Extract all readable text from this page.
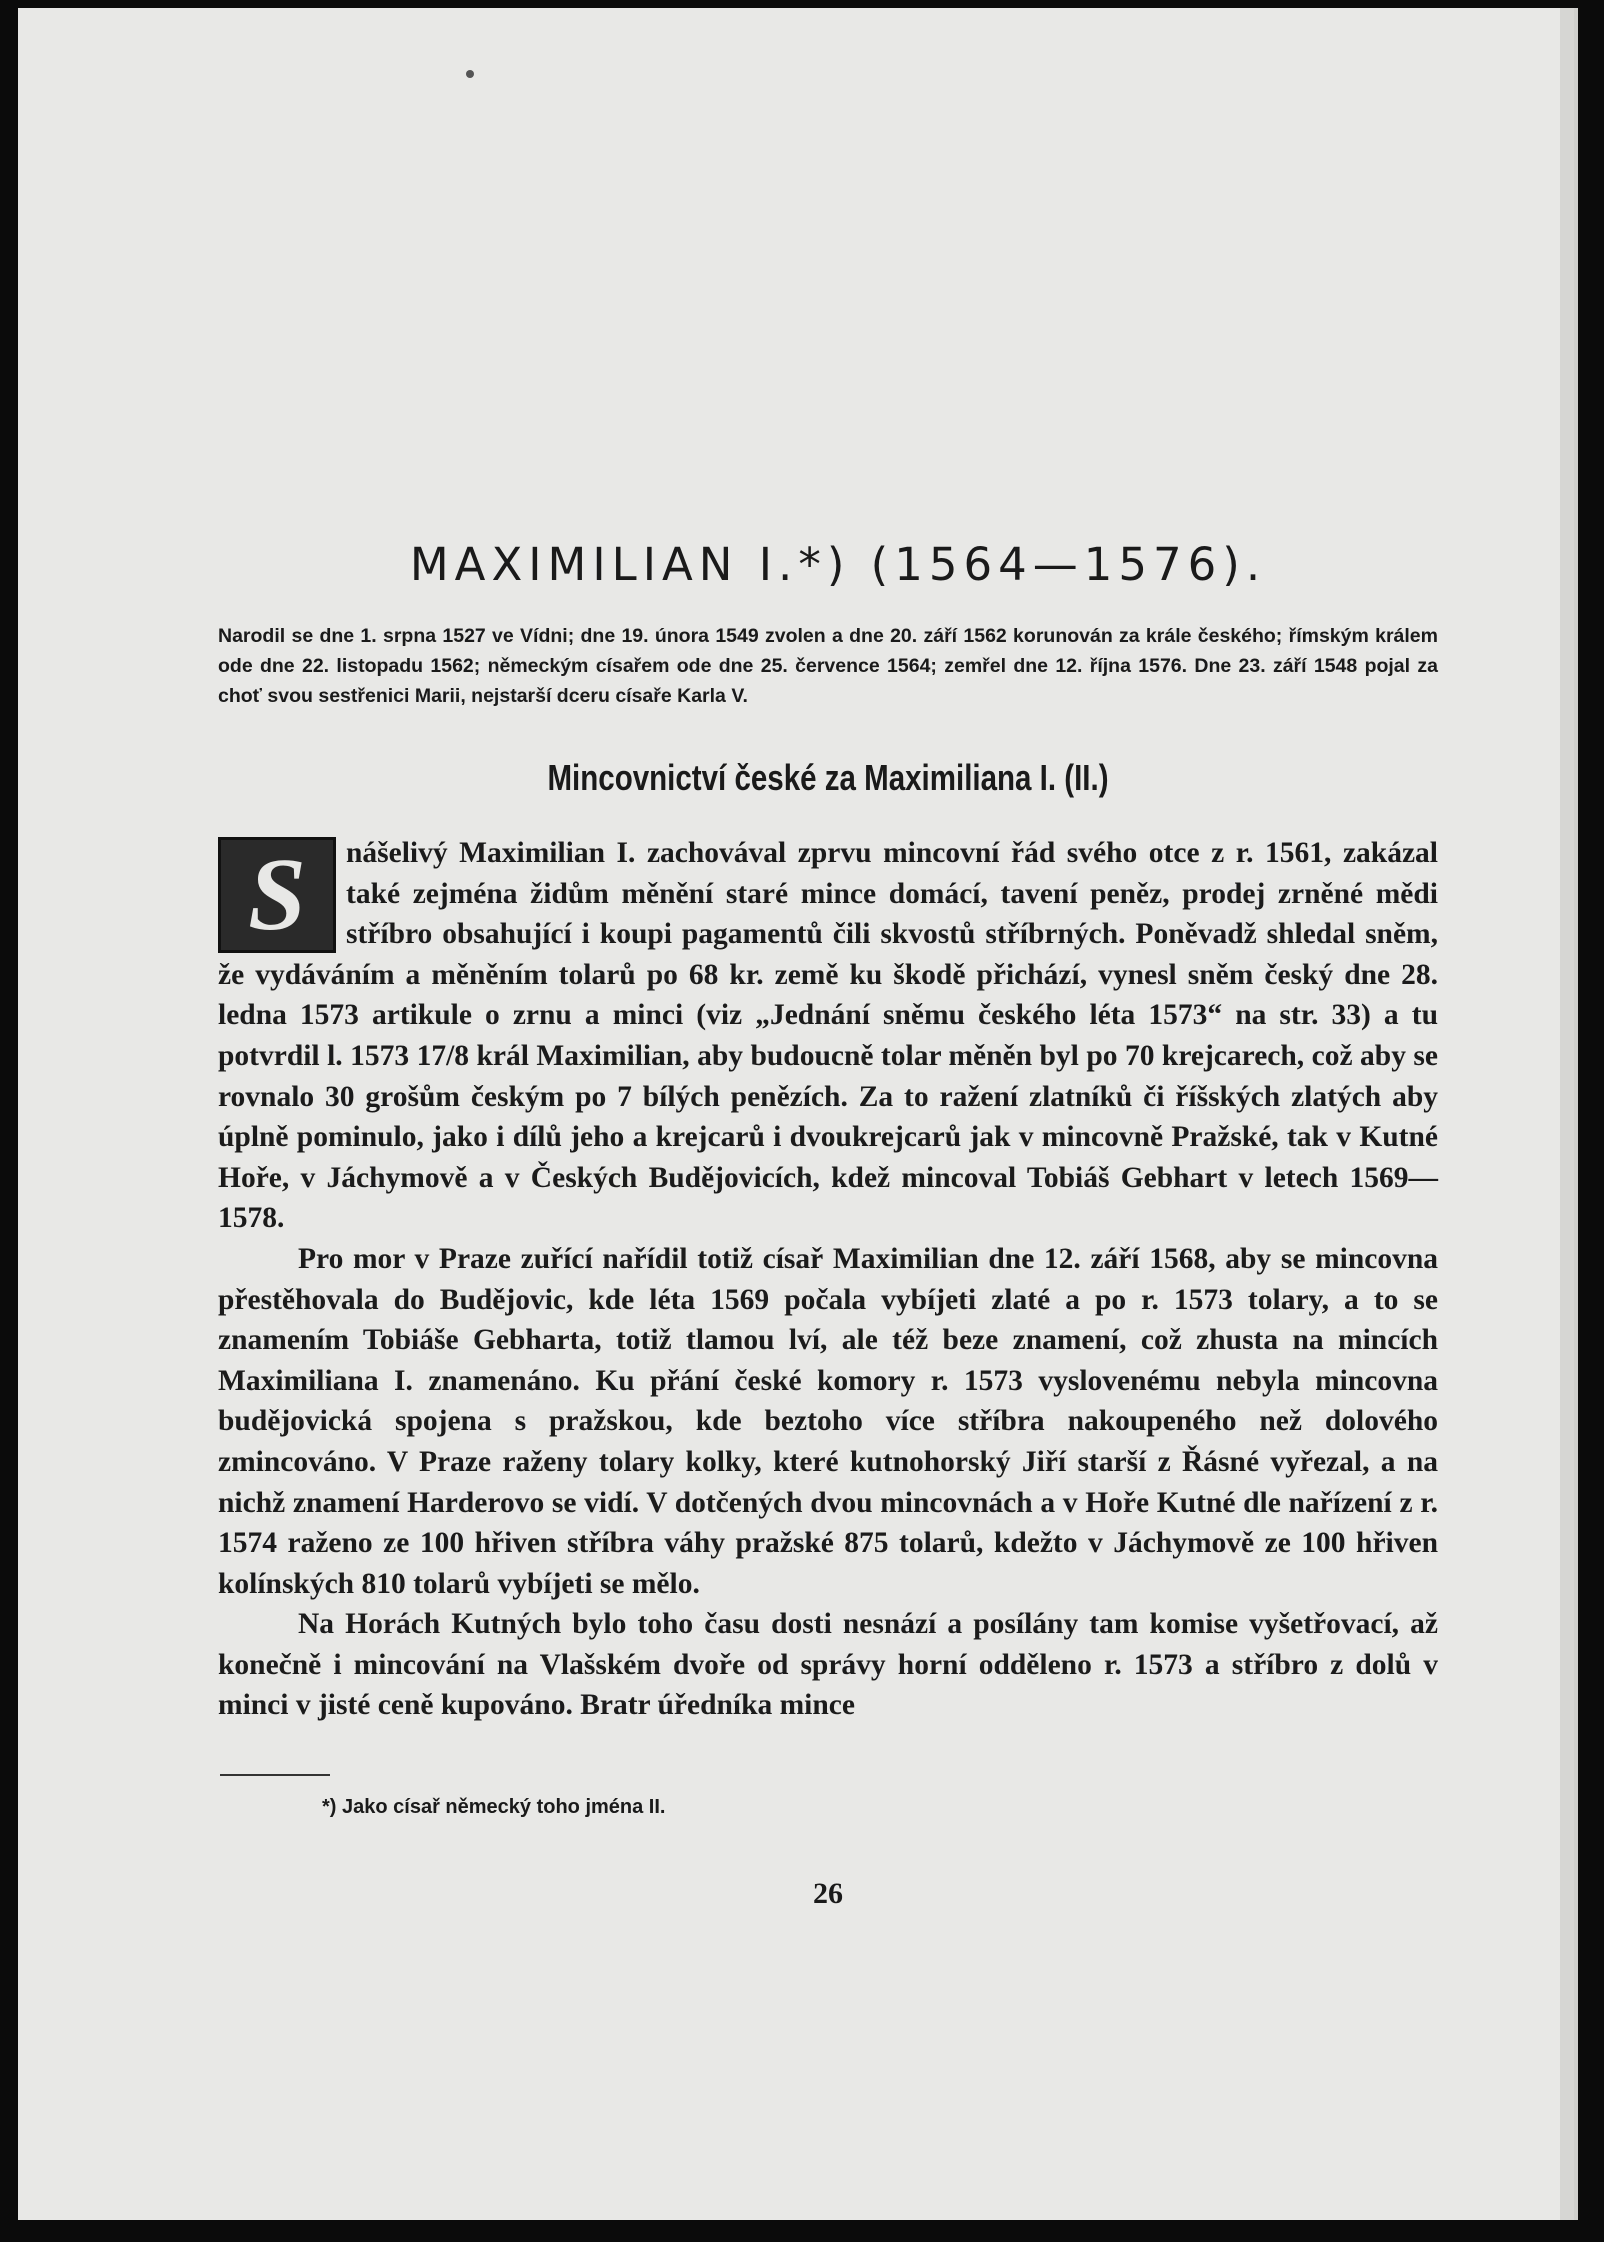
MAXIMILIAN I.*) (1564—1576).

Narodil se dne 1. srpna 1527 ve Vídni; dne 19. února 1549 zvolen a dne 20. září 1562 korunován za krále českého; římským králem ode dne 22. listopadu 1562; německým císařem ode dne 25. července 1564; zemřel dne 12. října 1576. Dne 23. září 1548 pojal za choť svou sestřenici Marii, nejstarší dceru císaře Karla V.

Mincovnictví české za Maximiliana I. (II.)

S	nášelivý Maximilian I. zachovával zprvu mincovní řád svého otce z r. 1561, zakázal také zejména židům měnění staré mince domácí, tavení peněz, prodej zrněné mědi stříbro obsahující i koupi pagamentů čili skvostů stříbrných. Poněvadž shledal sněm, že vydáváním a měněním tolarů po 68 kr. země ku škodě přichází, vynesl sněm český dne 28. ledna 1573 artikule o zrnu a minci (viz „Jednání sněmu českého léta 1573“ na str. 33) a tu potvrdil l. 1573 17/8 král Maximilian, aby budoucně tolar měněn byl po 70 krejcarech, což aby se rovnalo 30 grošům českým po 7 bílých penězích. Za to ražení zlatníků či říšských zlatých aby úplně pominulo, jako i dílů jeho a krejcarů i dvoukrejcarů jak v mincovně Pražské, tak v Kutné Hoře, v Jáchymově a v Českých Budějovicích, kdež mincoval Tobiáš Gebhart v letech 1569—1578.

Pro mor v Praze zuřící nařídil totiž císař Maximilian dne 12. září 1568, aby se mincovna přestěhovala do Budějovic, kde léta 1569 počala vybíjeti zlaté a po r. 1573 tolary, a to se znamením Tobiáše Gebharta, totiž tlamou lví, ale též beze znamení, což zhusta na mincích Maximiliana I. znamenáno. Ku přání české komory r. 1573 vyslovenému nebyla mincovna budějovická spojena s pražskou, kde beztoho více stříbra nakoupeného než dolového zmincováno. V Praze raženy tolary kolky, které kutnohorský Jiří starší z Řásné vyřezal, a na nichž znamení Harderovo se vidí. V dotčených dvou mincovnách a v Hoře Kutné dle nařízení z r. 1574 raženo ze 100 hřiven stříbra váhy pražské 875 tolarů, kdežto v Jáchymově ze 100 hřiven kolínských 810 tolarů vybíjeti se mělo.

Na Horách Kutných bylo toho času dosti nesnází a posílány tam komise vyšetřovací, až konečně i mincování na Vlašském dvoře od správy horní odděleno r. 1573 a stříbro z dolů v minci v jisté ceně kupováno. Bratr úředníka mince

*) Jako císař německý toho jména II.

26
